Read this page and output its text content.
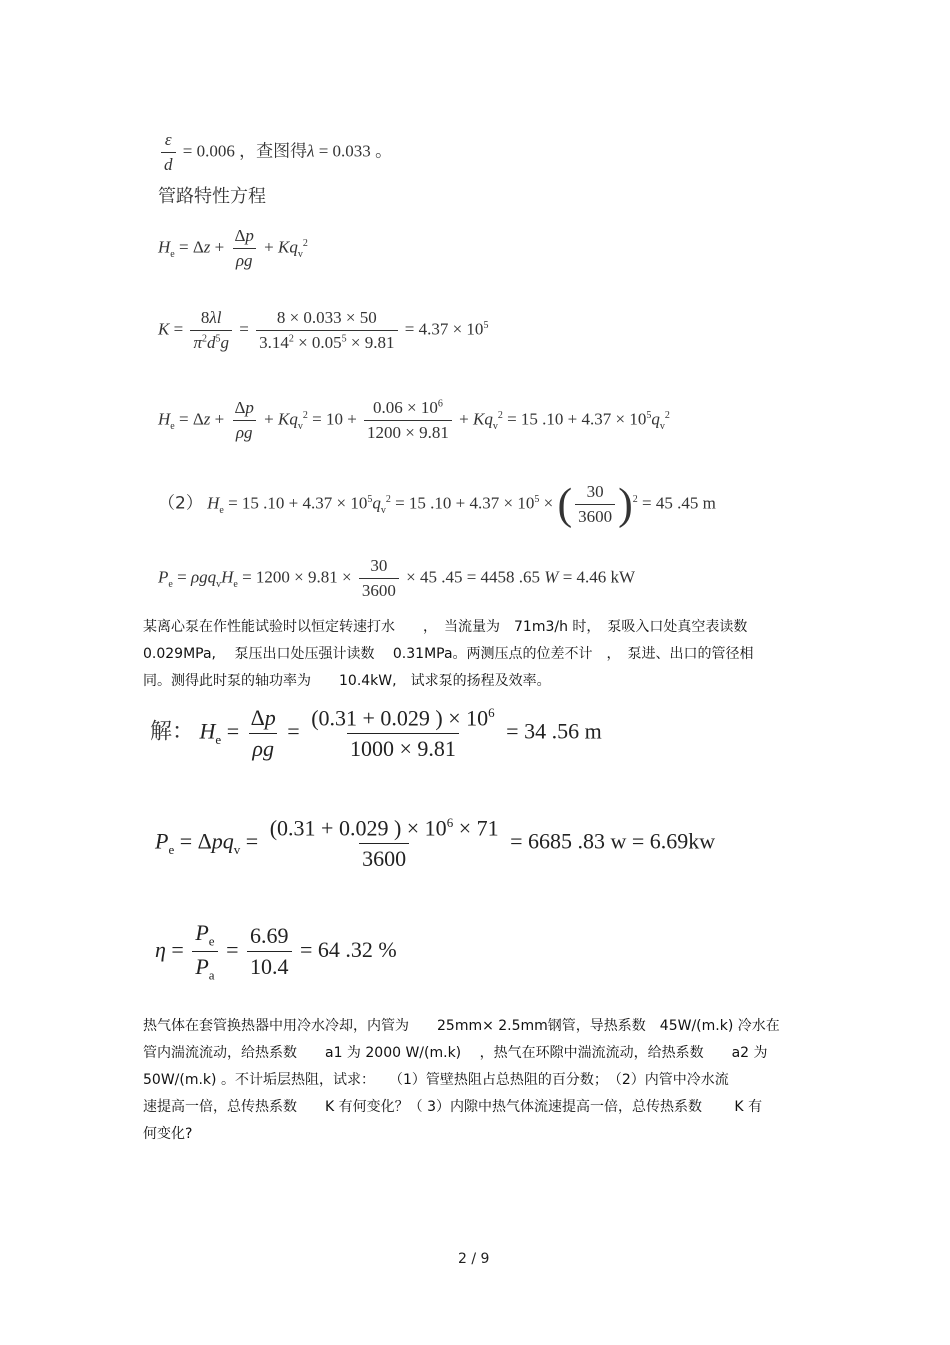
$\frac{\varepsilon}{d} = 0.006$ ，查图得λ = 0.033 。
管路特性方程
$H_e = \Delta z + \frac{\Delta p}{\rho g} + Kq_v^2$
$K = \frac{8\lambda l}{\pi^2d^5g} = \frac{8 \times 0.033 \times 50}{3.14^2 \times 0.05^5 \times 9.81} = 4.37 \times 10^5$
$H_e = \Delta z + \frac{\Delta p}{\rho g} + Kq_v^2 = 10 + \frac{0.06 \times 10^6}{1200 \times 9.81} + Kq_v^2 = 15$ $.10 + 4.37 \times 10^5q_v^2$
（2） $H_e = 15$ $.10 + 4.37 \times 10^5q_v^2 = 15$ $.10 + 4.37 \times 10^5$ × ( $\frac{30}{3600} )^2 = 45$ .45 m
$P_e = \rho gq_vH_e = 1200 \times 9.81 \times \frac{30}{3600} \times 45$ .45 = 4458 .65 W = 4.46 kW
某离心泵在作性能试验时以恒定转速打水　　，　当流量为　71m3/h 时，　泵吸入口处真空表读数
0.029MPa,　 泵压出口处压强计读数　 0.31MPa。两测压点的位差不计　，　泵进、出口的管径相
同。测得此时泵的轴功率为　　10.4kW,　试求泵的扬程及效率。
解： $H_e = \frac{\Delta p}{\rho g} = \frac{(0.31 + 0.029 ) \times 10^6}{1000 \times 9.81} = 34$ .56 m
$P_e = \Delta pq_v = \frac{(0.31 + 0.029 ) \times 10^6 \times 71}{3600} = 6685$ .83 w = 6.69kw
$\eta = \frac{P_e}{P_a} = \frac{6.69}{10.4} = 64$ .32 %
热气体在套管换热器中用冷水冷却，内管为　　25mm× 2.5mm钢管，导热系数　45W/(m.k) 冷水在
管内湍流流动，给热系数　　a1 为 2000 W/(m.k)　 ，热气在环隙中湍流流动，给热系数　　a2 为
50W/(m.k) 。不计垢层热阻，试求：　　（1）管壁热阻占总热阻的百分数；　（2）内管中冷水流
速提高一倍，总传热系数　　K 有何变化？（ 3）内隙中热气体流速提高一倍，总传热系数　　 K 有
何变化?
2 / 9
